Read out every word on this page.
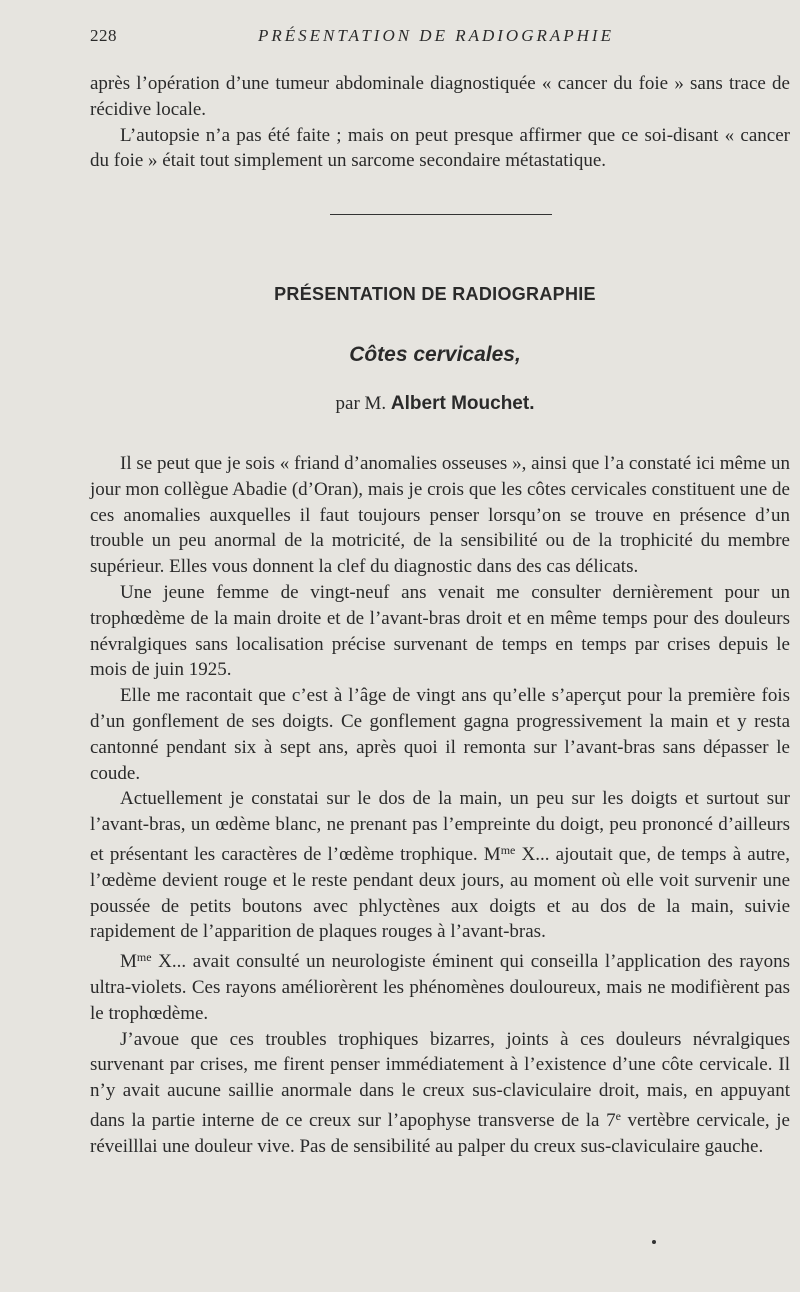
228	PRÉSENTATION DE RADIOGRAPHIE

après l’opération d’une tumeur abdominale diagnostiquée « cancer du foie » sans trace de récidive locale.

L’autopsie n’a pas été faite ; mais on peut presque affirmer que ce soi-disant « cancer du foie » était tout simplement un sarcome secondaire métastatique.

PRÉSENTATION DE RADIOGRAPHIE
Côtes cervicales,
par M. Albert Mouchet.

Il se peut que je sois « friand d’anomalies osseuses », ainsi que l’a constaté ici même un jour mon collègue Abadie (d’Oran), mais je crois que les côtes cervicales constituent une de ces anomalies auxquelles il faut toujours penser lorsqu’on se trouve en présence d’un trouble un peu anormal de la motricité, de la sensibilité ou de la trophicité du membre supérieur. Elles vous donnent la clef du diagnostic dans des cas délicats.

Une jeune femme de vingt-neuf ans venait me consulter dernièrement pour un trophœdème de la main droite et de l’avant-bras droit et en même temps pour des douleurs névralgiques sans localisation précise survenant de temps en temps par crises depuis le mois de juin 1925.

Elle me racontait que c’est à l’âge de vingt ans qu’elle s’aperçut pour la première fois d’un gonflement de ses doigts. Ce gonflement gagna progressivement la main et y resta cantonné pendant six à sept ans, après quoi il remonta sur l’avant-bras sans dépasser le coude.

Actuellement je constatai sur le dos de la main, un peu sur les doigts et surtout sur l’avant-bras, un œdème blanc, ne prenant pas l’empreinte du doigt, peu prononcé d’ailleurs et présentant les caractères de l’œdème trophique. $M^{me}$ X... ajoutait que, de temps à autre, l’œdème devient rouge et le reste pendant deux jours, au moment où elle voit survenir une poussée de petits boutons avec phlyctènes aux doigts et au dos de la main, suivie rapidement de l’apparition de plaques rouges à l’avant-bras.

$M^{me}$ X... avait consulté un neurologiste éminent qui conseilla l’application des rayons ultra-violets. Ces rayons améliorèrent les phénomènes douloureux, mais ne modifièrent pas le trophœdème.

J’avoue que ces troubles trophiques bizarres, joints à ces douleurs névralgiques survenant par crises, me firent penser immédiatement à l’existence d’une côte cervicale. Il n’y avait aucune saillie anormale dans le creux sus-claviculaire droit, mais, en appuyant dans la partie interne de ce creux sur l’apophyse transverse de la 7e vertèbre cervicale, je réveilllai une douleur vive. Pas de sensibilité au palper du creux sus-claviculaire gauche.
